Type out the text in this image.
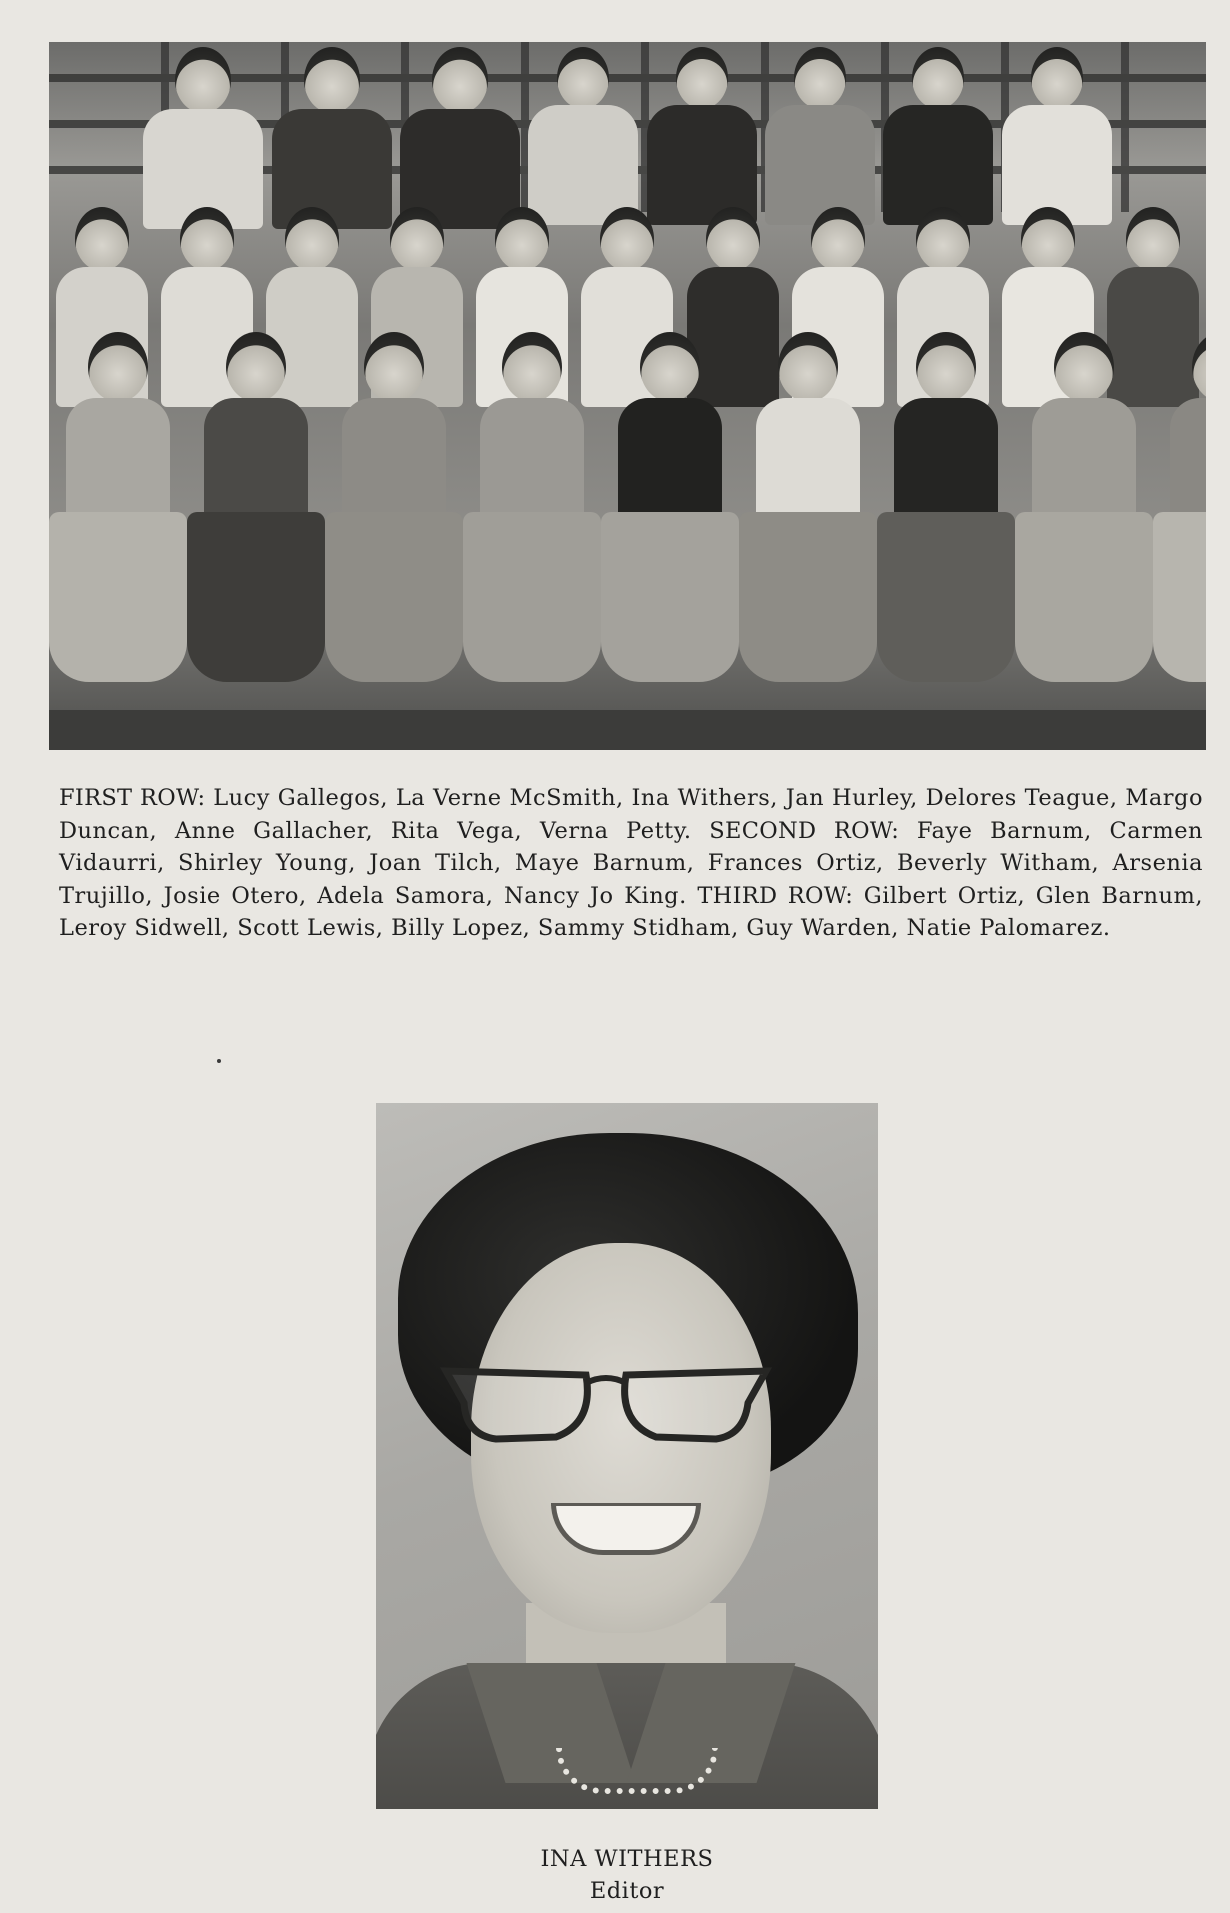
FIRST ROW: Lucy Gallegos, La Verne McSmith, Ina Withers, Jan Hurley, Delores Teague, Margo Duncan, Anne Gallacher, Rita Vega, Verna Petty. SECOND ROW: Faye Barnum, Carmen Vidaurri, Shirley Young, Joan Tilch, Maye Barnum, Frances Ortiz, Beverly Witham, Arsenia Trujillo, Josie Otero, Adela Samora, Nancy Jo King. THIRD ROW: Gilbert Ortiz, Glen Barnum, Leroy Sidwell, Scott Lewis, Billy Lopez, Sammy Stidham, Guy Warden, Natie Palomarez.

INA WITHERS
Editor
